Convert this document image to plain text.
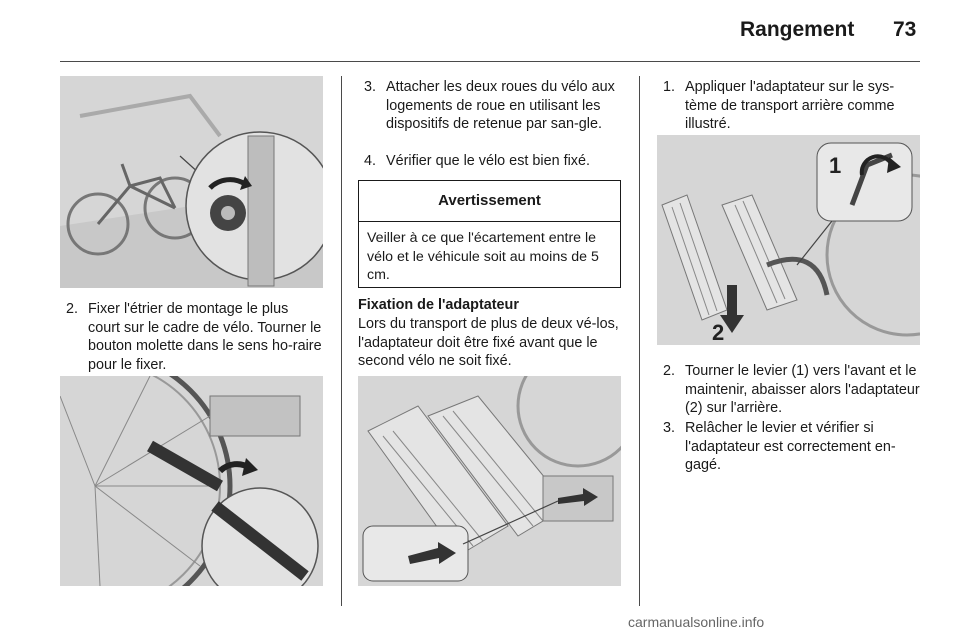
Rangement 73
2. Fixer l'étrier de montage le plus court sur le cadre de vélo. Tourner le bouton molette dans le sens ho-raire pour le fixer.
3. Attacher les deux roues du vélo aux logements de roue en utilisant les dispositifs de retenue par san-gle.
4. Vérifier que le vélo est bien fixé.
Avertissement
Veiller à ce que l'écartement entre le vélo et le véhicule soit au moins de 5 cm.
Fixation de l'adaptateur
Lors du transport de plus de deux vé-los, l'adaptateur doit être fixé avant que le second vélo ne soit fixé.
1. Appliquer l'adaptateur sur le sys-tème de transport arrière comme illustré.
2
1
2. Tourner le levier (1) vers l'avant et le maintenir, abaisser alors l'adaptateur (2) sur l'arrière.
3. Relâcher le levier et vérifier si l'adaptateur est correctement en-gagé.
carmanualsonline.info
